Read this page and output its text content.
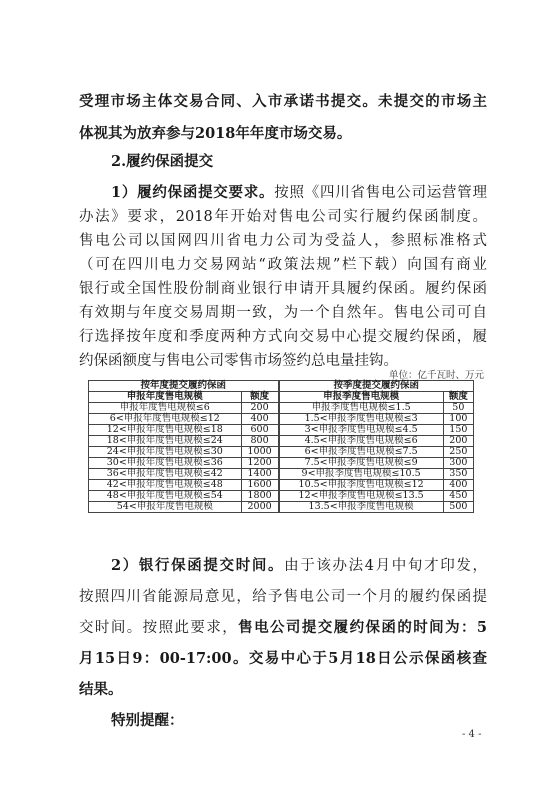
受理市场主体交易合同、入市承诺书提交。未提交的市场主
体视其为放弃参与2018年年度市场交易。
2.履约保函提交
1）履约保函提交要求。按照《四川省售电公司运营管理
办法》要求，2018年开始对售电公司实行履约保函制度。
售电公司以国网四川省电力公司为受益人，参照标准格式
（可在四川电力交易网站“政策法规”栏下载）向国有商业
银行或全国性股份制商业银行申请开具履约保函。履约保函
有效期与年度交易周期一致，为一个自然年。售电公司可自
单位：亿千瓦时、万元
按年度提交履约保函		按季度提交履约保函	
申报年度售电规模	额度	申报季度售电规模	额度
申报年度售电规模≤6	200	申报季度售电规模≤1.5	50
6<申报年度售电规模≤12	400	1.5<申报季度售电规模≤3	100
12<申报年度售电规模≤18	600	3<申报季度售电规模≤4.5	150
18<申报年度售电规模≤24	800	4.5<申报季度售电规模≤6	200
24<申报年度售电规模≤30	1000	6<申报季度售电规模≤7.5	250
30<申报年度售电规模≤36	1200	7.5<申报季度售电规模≤9	300
36<申报年度售电规模≤42	1400	9<申报季度售电规模≤10.5	350
42<申报年度售电规模≤48	1600	10.5<申报季度售电规模≤12	400
48<申报年度售电规模≤54	1800	12<申报季度售电规模≤13.5	450
54<申报年度售电规模	2000	13.5<申报季度售电规模	500
2）银行保函提交时间。由于该办法4月中旬才印发，
按照四川省能源局意见，给予售电公司一个月的履约保函提
交时间。按照此要求，售电公司提交履约保函的时间为：5
月15日9：00-17:00。交易中心于5月18日公示保函核查
结果。
特别提醒：
- 4 -
行选择按年度和季度两种方式向交易中心提交履约保函，履
约保函额度与售电公司零售市场签约总电量挂钩。
